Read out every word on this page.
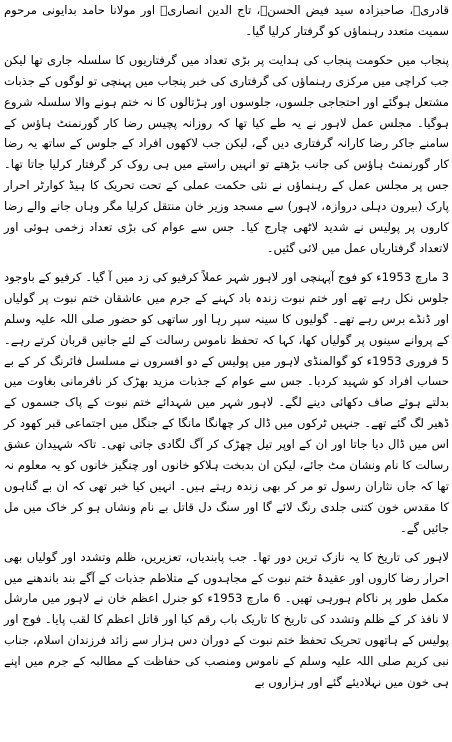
قادریؒ، صاحبزادہ سید فیض الحسنؒ، تاج الدین انصاریؒ اور مولانا حامد بدایونی مرحوم سمیت متعدد رہنماؤں کو گرفتار کرلیا گیا۔

پنجاب میں حکومت پنجاب کی ہدایت پر بڑی تعداد میں گرفتاریوں کا سلسلہ جاری تھا لیکن جب کراچی میں مرکزی رہنماؤں کی گرفتاری کی خبر پنجاب میں پہنچی تو لوگوں کے جذبات مشتعل ہوگئے اور احتجاجی جلسوں، جلوسوں اور ہڑتالوں کا نہ ختم ہونے والا سلسلہ شروع ہوگیا۔ مجلس عمل لاہور نے یہ طے کیا تھا کہ روزانہ پچیس رضا کار گورنمنٹ ہاؤس کے سامنے جاکر رضا کارانہ گرفتاری دیں گے، لیکن جب لاکھوں افراد کے جلوس کے ساتھ یہ رضا کار گورنمنٹ ہاؤس کی جانب بڑھتے تو انہیں راستے میں ہی روک کر گرفتار کرلیا جاتا تھا۔ جس پر مجلس عمل کے رہنماؤں نے نئی حکمت عملی کے تحت تحریک کا ہیڈ کوارٹر احرار پارک (بیرون دہلی دروازہ، لاہور) سے مسجد وزیر خان منتقل کرلیا مگر وہاں جانے والے رضا کاروں پر پولیس نے شدید لاٹھی چارج کیا۔ جس سے عوام کی بڑی تعداد زخمی ہوئی اور لاتعداد گرفتاریاں عمل میں لائی گئیں۔

3 مارچ 1953ء کو فوج آپہنچی اور لاہور شہر عملاً کرفیو کی زد میں آ گیا۔ کرفیو کے باوجود جلوس نکل رہے تھے اور ختم نبوت زندہ باد کہنے کے جرم میں عاشقان ختم نبوت پر گولیاں اور ڈنڈے برس رہے تھے۔ گولیوں کا سینہ سپر رہا اور ساتھی کو حضور صلی اللہ علیہ وسلم کے پروانے سینوں پر گولیاں کھا، کہا کہ تحفظ ناموس رسالت کے لئے جانیں قربان کرتے رہے۔ 5 فروری 1953ء کو گوالمنڈی لاہور میں پولیس کے دو افسروں نے مسلسل فائرنگ کر کے بے حساب افراد کو شہید کردیا۔ جس سے عوام کے جذبات مزید بھڑک کر نافرمانی بغاوت میں بدلتے ہوئے صاف دکھائی دینے لگے۔ لاہور شہر میں شہدائے ختم نبوت کے پاک جسموں کے ڈھیر لگ گئے تھے۔ جنہیں ٹرکوں میں ڈال کر چھانگا مانگا کے جنگل میں اجتماعی قبر کھود کر اس میں ڈال دیا جاتا اور ان کے اوپر تیل چھڑک کر آگ لگادی جاتی تھی۔ تاکہ شہیدان عشق رسالت کا نام ونشان مٹ جائے، لیکن ان بدبخت ہلاکو خانوں اور چنگیز خانوں کو یہ معلوم نہ تھا کہ جاں نثاران رسول تو مر کر بھی زندہ رہتے ہیں۔ انہیں کیا خبر تھی کہ ان بے گناہوں کا مقدس خون کتنی جلدی رنگ لائے گا اور سنگ دل قاتل بے نام ونشاں ہو کر خاک میں مل جائیں گے۔

لاہور کی تاریخ کا یہ نازک ترین دور تھا۔ جب پابندیاں، تعزیریں، ظلم وتشدد اور گولیاں بھی احرار رضا کاروں اور عقیدۂ ختم نبوت کے مجاہدوں کے متلاطم جذبات کے آگے بند باندھنے میں مکمل طور پر ناکام ہورہی تھیں۔ 6 مارچ 1953ء کو جنرل اعظم خان نے لاہور میں مارشل لا نافذ کر کے ظلم وتشدد کی تاریخ کا تاریک باب رقم کیا اور قاتل اعظم کا لقب پایا۔ فوج اور پولیس کے ہاتھوں تحریک تحفظ ختم نبوت کے دوران دس ہزار سے زائد فرزندان اسلام، جناب نبی کریم صلی اللہ علیہ وسلم کے ناموس ومنصب کی حفاظت کے مطالبہ کے جرم میں اپنے ہی خون میں نہلادیئے گئے اور ہزاروں بے
